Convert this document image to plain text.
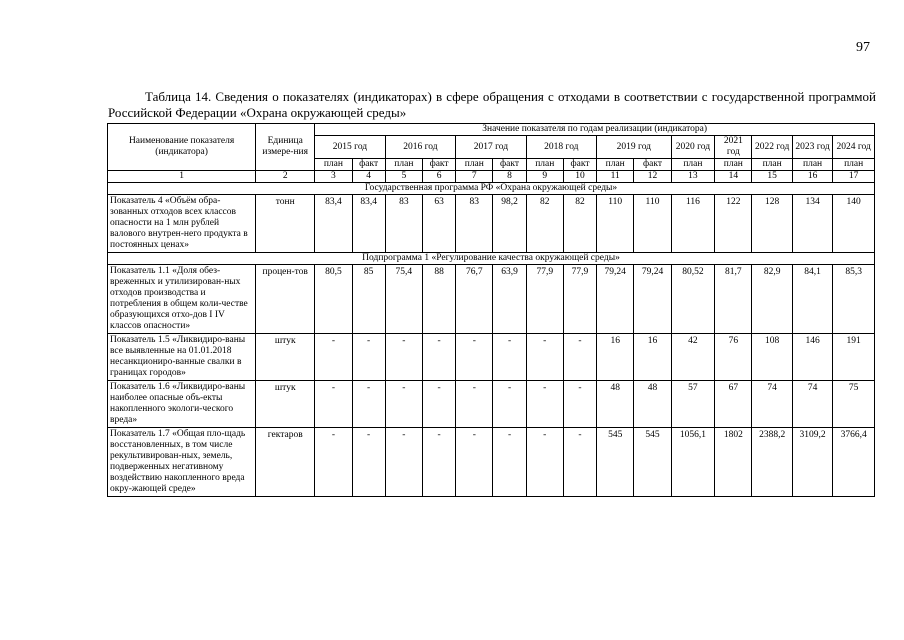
97
Таблица 14. Сведения о показателях (индикаторах) в сфере обращения с отходами в соответствии с государственной программой Российской Федерации «Охрана окружающей среды»
Наименование показателя (индикатора)	Единица измере-ния	Значение показателя по годам реализации (индикатора)														
		2015 год		2016 год		2017 год		2018 год		2019 год		2020 год	2021 год	2022 год	2023 год	2024 год
		план	факт	план	факт	план	факт	план	факт	план	факт	план	план	план	план	план
1	2	3	4	5	6	7	8	9	10	11	12	13	14	15	16	17
Государственная программа РФ «Охрана окружающей среды»																
Показатель 4 «Объём обра-зованных отходов всех классов опасности на 1 млн рублей валового внутрен-него продукта в постоянных ценах»	тонн	83,4	83,4	83	63	83	98,2	82	82	110	110	116	122	128	134	140
Подпрограмма 1 «Регулирование качества окружающей среды»																
Показатель 1.1 «Доля обез-вреженных и утилизирован-ных отходов производства и потребления в общем коли-честве образующихся отхо-дов I IV классов опасности»	процен-тов	80,5	85	75,4	88	76,7	63,9	77,9	77,9	79,24	79,24	80,52	81,7	82,9	84,1	85,3
Показатель 1.5 «Ликвидиро-ваны все выявленные на 01.01.2018 несанкциониро-ванные свалки в границах городов»	штук	-	-	-	-	-	-	-	-	16	16	42	76	108	146	191
Показатель 1.6 «Ликвидиро-ваны наиболее опасные объ-екты накопленного экологи-ческого вреда»	штук	-	-	-	-	-	-	-	-	48	48	57	67	74	74	75
Показатель 1.7 «Общая пло-щадь восстановленных, в том числе рекультивирован-ных, земель, подверженных негативному воздействию накопленного вреда окру-жающей среде»	гектаров	-	-	-	-	-	-	-	-	545	545	1056,1	1802	2388,2	3109,2	3766,4
